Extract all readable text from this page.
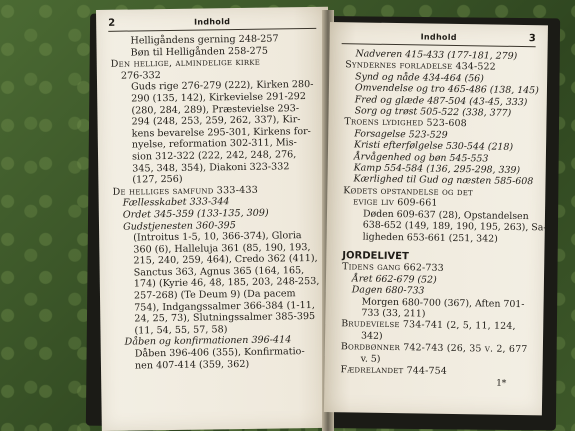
2	Indhold
Helligåndens gerning 248-257
Bøn til Helligånden 258-275
Den hellige, almindelige kirke
276-332
Guds rige 276-279 (222), Kirken 280-
290 (135, 142), Kirkevielse 291-292
(280, 284, 289), Præstevielse 293-
294 (248, 253, 259, 262, 337), Kir-
kens bevarelse 295-301, Kirkens for-
nyelse, reformation 302-311, Mis-
sion 312-322 (222, 242, 248, 276,
345, 348, 354), Diakoni 323-332
(127, 256)
De helliges samfund 333-433
Fællesskabet 333-344
Ordet 345-359 (133-135, 309)
Gudstjenesten 360-395
(Introitus 1-5, 10, 366-374), Gloria
360 (6), Halleluja 361 (85, 190, 193,
215, 240, 259, 464), Credo 362 (411),
Sanctus 363, Agnus 365 (164, 165,
174) (Kyrie 46, 48, 185, 203, 248-253,
257-268) (Te Deum 9) (Da pacem
754), Indgangssalmer 366-384 (1-11,
24, 25, 73), Slutningssalmer 385-395
(11, 54, 55, 57, 58)
Dåben og konfirmationen 396-414
Dåben 396-406 (355), Konfirmatio-
nen 407-414 (359, 362)
Indhold	3
Nadveren 415-433 (177-181, 279)
Syndernes forladelse 434-522
Synd og nåde 434-464 (56)
Omvendelse og tro 465-486 (138, 145)
Fred og glæde 487-504 (43-45, 333)
Sorg og trøst 505-522 (338, 377)
Troens lydighed 523-608
Forsagelse 523-529
Kristi efterfølgelse 530-544 (218)
Årvågenhed og bøn 545-553
Kamp 554-584 (136, 295-298, 339)
Kærlighed til Gud og næsten 585-608
Kødets opstandelse og det
evige liv 609-661
Døden 609-637 (28), Opstandelsen
638-652 (149, 189, 190, 195, 263), Sa-
ligheden 653-661 (251, 342)
JORDELIVET
Tidens gang 662-733
Året 662-679 (52)
Dagen 680-733
Morgen 680-700 (367), Aften 701-
733 (33, 211)
Brudevielse 734-741 (2, 5, 11, 124,
342)
Bordbønner 742-743 (26, 35 v. 2, 677
v. 5)
Fædrelandet 744-754
1*
